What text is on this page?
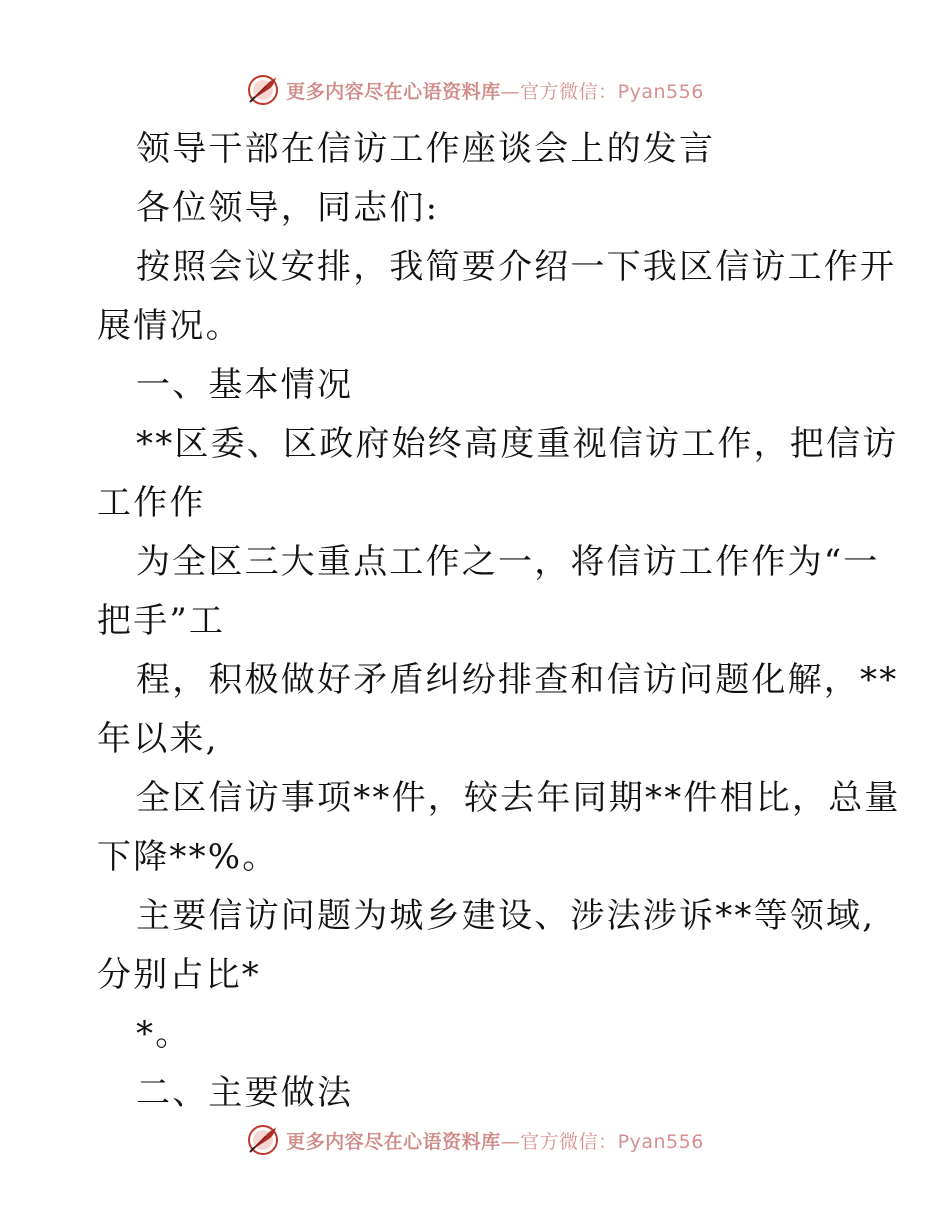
更多内容尽在心语资料库—官方微信：Pyan556
领导干部在信访工作座谈会上的发言
各位领导，同志们:
按照会议安排，我简要介绍一下我区信访工作开
展情况。
一、基本情况
**区委、区政府始终高度重视信访工作，把信访
工作作
为全区三大重点工作之一，将信访工作作为“一
把手”工
程，积极做好矛盾纠纷排查和信访问题化解，**
年以来,
全区信访事项**件，较去年同期**件相比，总量
下降**%。
主要信访问题为城乡建设、涉法涉诉**等领域,
分别占比*
*。
二、主要做法
更多内容尽在心语资料库—官方微信：Pyan556
